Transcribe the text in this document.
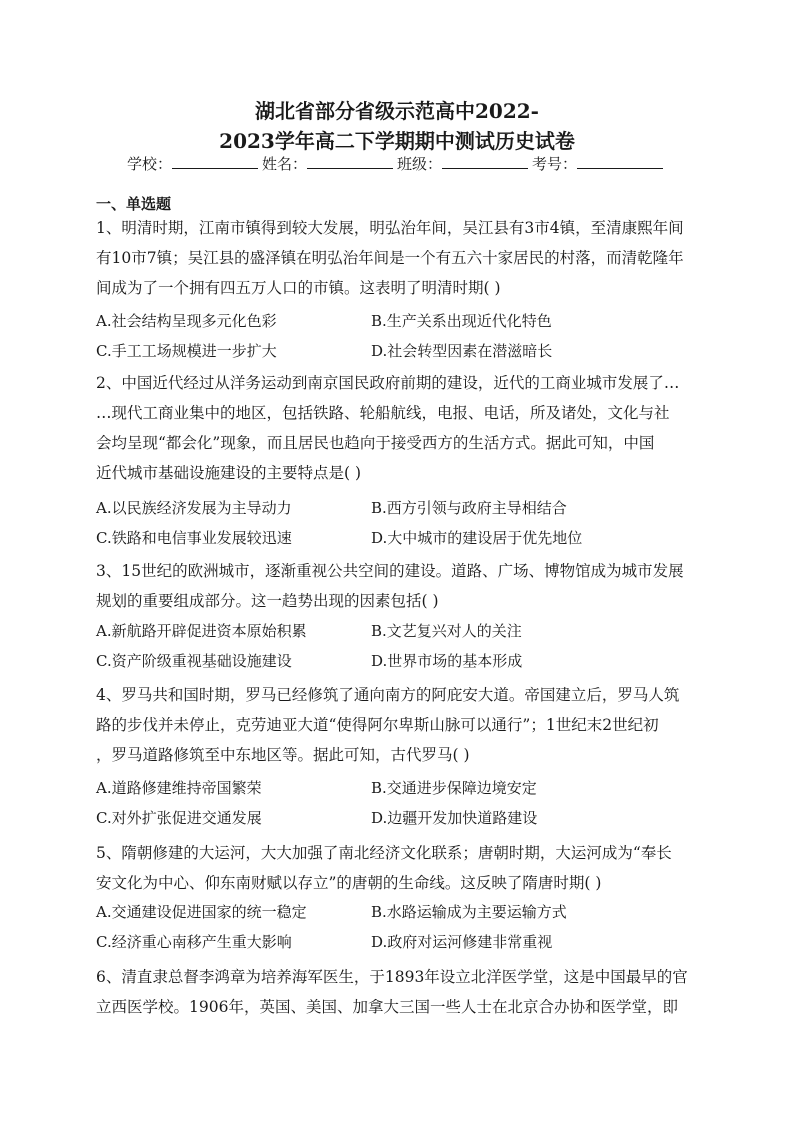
湖北省部分省级示范高中2022-
2023学年高二下学期期中测试历史试卷
学校：	姓名：	班级：	考号：
一、单选题
1、明清时期，江南市镇得到较大发展，明弘治年间，吴江县有3市4镇，至清康熙年间
有10市7镇；吴江县的盛泽镇在明弘治年间是一个有五六十家居民的村落，而清乾隆年
间成为了一个拥有四五万人口的市镇。这表明了明清时期( )
A.社会结构呈现多元化色彩	B.生产关系出现近代化特色
C.手工工场规模进一步扩大	D.社会转型因素在潜滋暗长
2、中国近代经过从洋务运动到南京国民政府前期的建设，近代的工商业城市发展了…
…现代工商业集中的地区，包括铁路、轮船航线，电报、电话，所及诸处，文化与社
会均呈现“都会化”现象，而且居民也趋向于接受西方的生活方式。据此可知，中国
近代城市基础设施建设的主要特点是( )
A.以民族经济发展为主导动力	B.西方引领与政府主导相结合
C.铁路和电信事业发展较迅速	D.大中城市的建设居于优先地位
3、15世纪的欧洲城市，逐渐重视公共空间的建设。道路、广场、博物馆成为城市发展
规划的重要组成部分。这一趋势出现的因素包括( )
A.新航路开辟促进资本原始积累	B.文艺复兴对人的关注
C.资产阶级重视基础设施建设	D.世界市场的基本形成
4、罗马共和国时期，罗马已经修筑了通向南方的阿庇安大道。帝国建立后，罗马人筑
路的步伐并未停止，克劳迪亚大道“使得阿尔卑斯山脉可以通行”；1世纪末2世纪初
，罗马道路修筑至中东地区等。据此可知，古代罗马( )
A.道路修建维持帝国繁荣	B.交通进步保障边境安定
C.对外扩张促进交通发展	D.边疆开发加快道路建设
5、隋朝修建的大运河，大大加强了南北经济文化联系；唐朝时期，大运河成为“奉长
安文化为中心、仰东南财赋以存立”的唐朝的生命线。这反映了隋唐时期( )
A.交通建设促进国家的统一稳定	B.水路运输成为主要运输方式
C.经济重心南移产生重大影响	D.政府对运河修建非常重视
6、清直隶总督李鸿章为培养海军医生，于1893年设立北洋医学堂，这是中国最早的官
立西医学校。1906年，英国、美国、加拿大三国一些人士在北京合办协和医学堂，即
